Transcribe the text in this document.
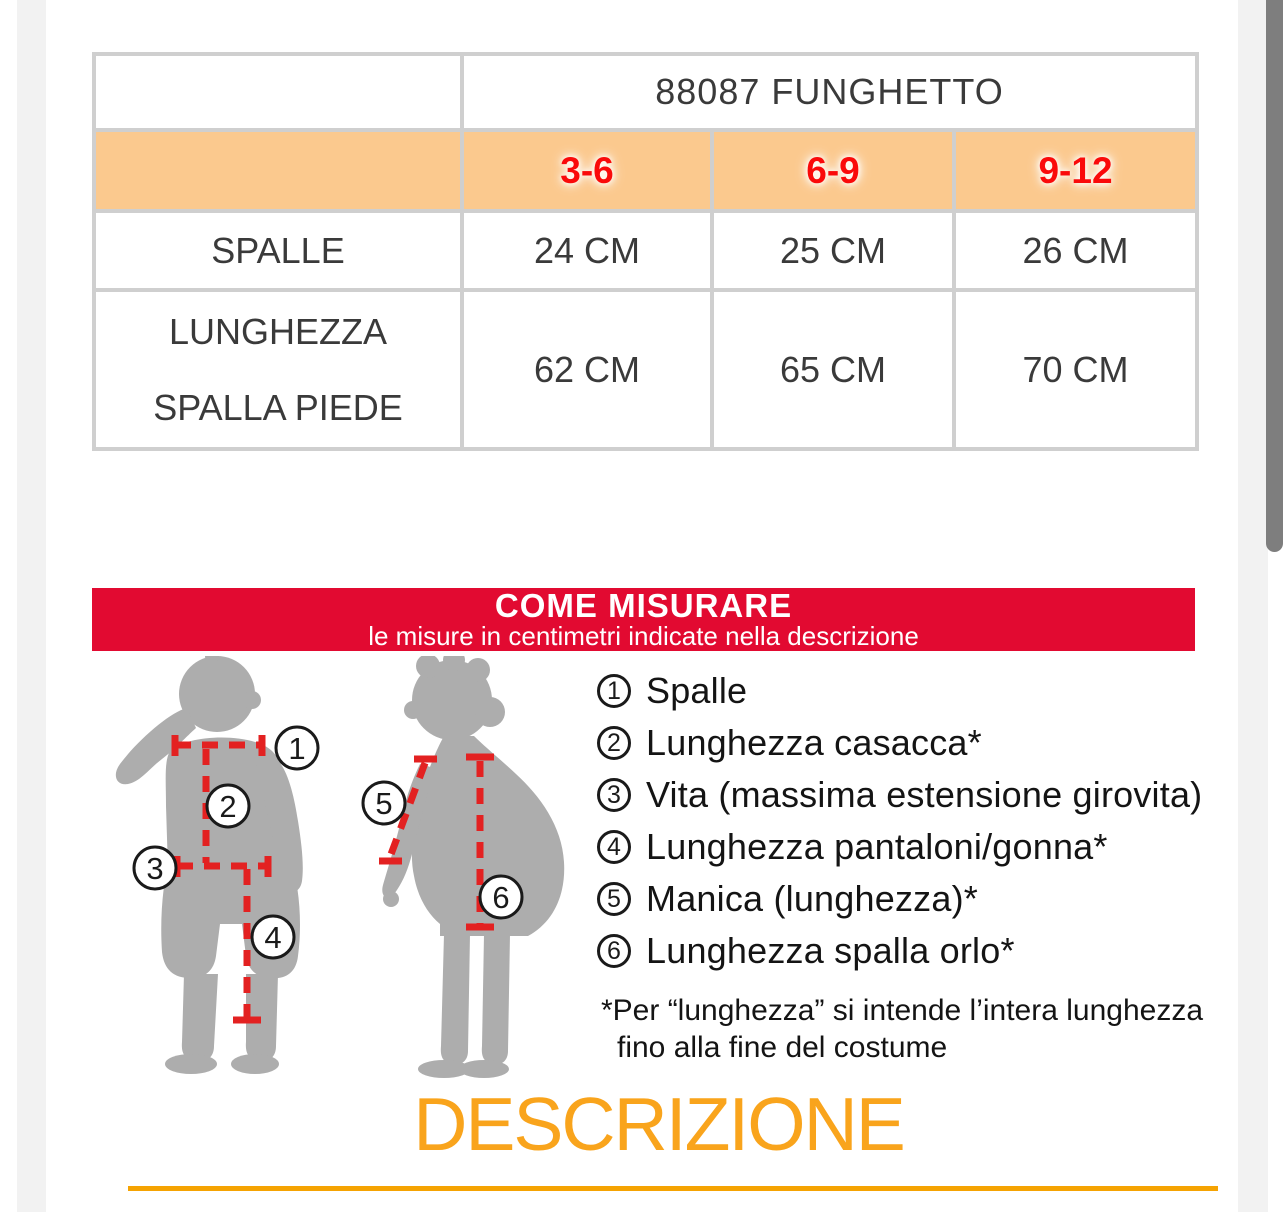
	88087 FUNGHETTO		
	3-6	6-9	9-12
SPALLE	24 CM	25 CM	26 CM

LUNGHEZZA
SPALLA PIEDE	62 CM	65 CM	70 CM
COME MISURARE
le misure in centimetri indicate nella descrizione
1
2
3
4
5
6
1 Spalle
2 Lunghezza casacca*
3 Vita (massima estensione girovita)
4 Lunghezza pantaloni/gonna*
5 Manica (lunghezza)*
6 Lunghezza spalla orlo*
*Per “lunghezza” si intende l’intera lunghezza
fino alla fine del costume
DESCRIZIONE
